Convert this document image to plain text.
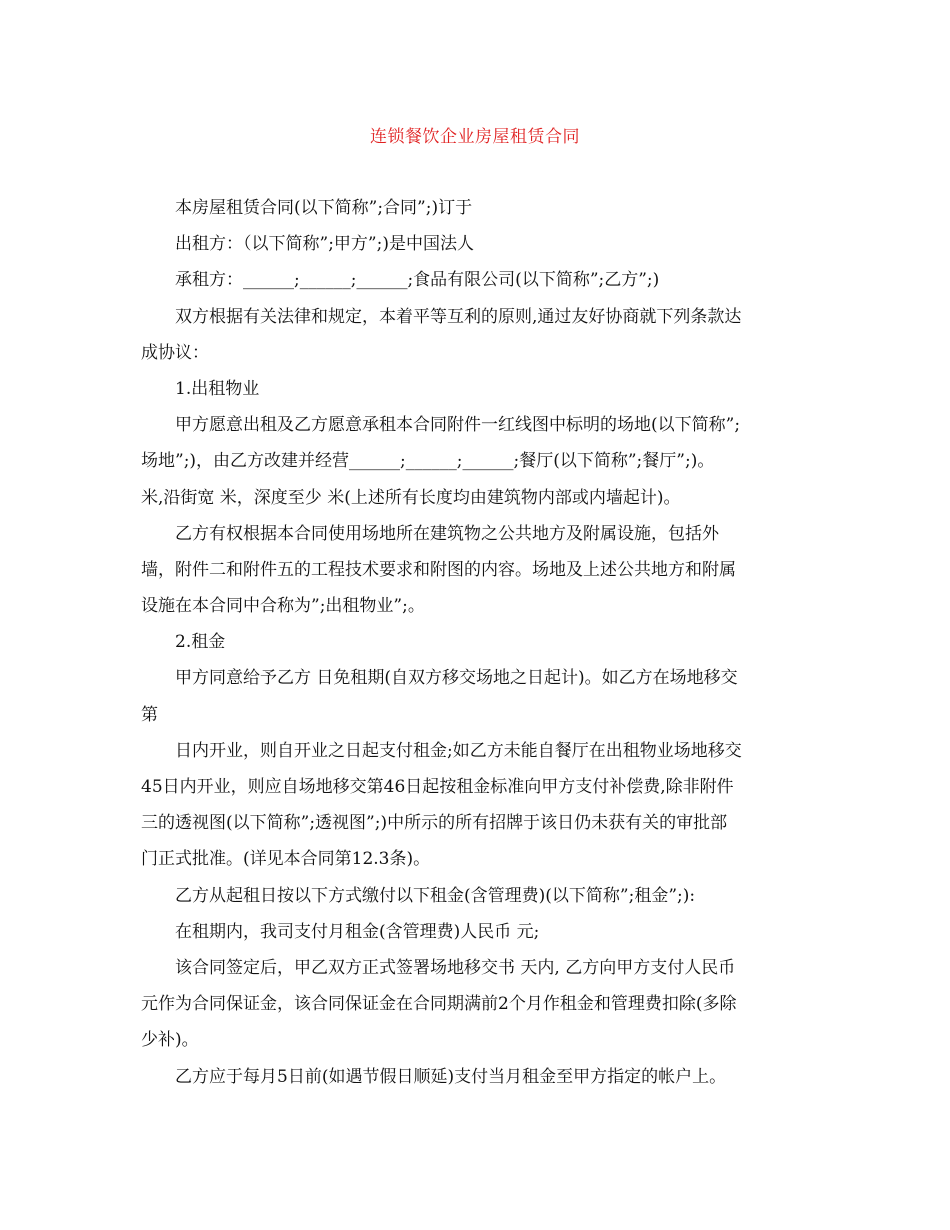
连锁餐饮企业房屋租赁合同
本房屋租赁合同(以下简称”;合同”;)订于
出租方：（以下简称”;甲方”;)是中国法人
承租方：______;______;______;食品有限公司(以下简称”;乙方”;)
双方根据有关法律和规定，本着平等互利的原则,通过友好协商就下列条款达
成协议：
1.出租物业
甲方愿意出租及乙方愿意承租本合同附件一红线图中标明的场地(以下简称”;
场地”;)，由乙方改建并经营______;______;______;餐厅(以下简称”;餐厅”;)。
米,沿街宽 米，深度至少 米(上述所有长度均由建筑物内部或内墙起计)。
乙方有权根据本合同使用场地所在建筑物之公共地方及附属设施，包括外
墙，附件二和附件五的工程技术要求和附图的内容。场地及上述公共地方和附属
设施在本合同中合称为”;出租物业”;。
2.租金
甲方同意给予乙方 日免租期(自双方移交场地之日起计)。如乙方在场地移交
第
日内开业，则自开业之日起支付租金;如乙方未能自餐厅在出租物业场地移交
45日内开业，则应自场地移交第46日起按租金标准向甲方支付补偿费,除非附件
三的透视图(以下简称”;透视图”;)中所示的所有招牌于该日仍未获有关的审批部
门正式批准。(详见本合同第12.3条)。
乙方从起租日按以下方式缴付以下租金(含管理费)(以下简称”;租金”;):
在租期内，我司支付月租金(含管理费)人民币 元;
该合同签定后，甲乙双方正式签署场地移交书 天内, 乙方向甲方支付人民币
元作为合同保证金，该合同保证金在合同期满前2个月作租金和管理费扣除(多除
少补)。
乙方应于每月5日前(如遇节假日顺延)支付当月租金至甲方指定的帐户上。
